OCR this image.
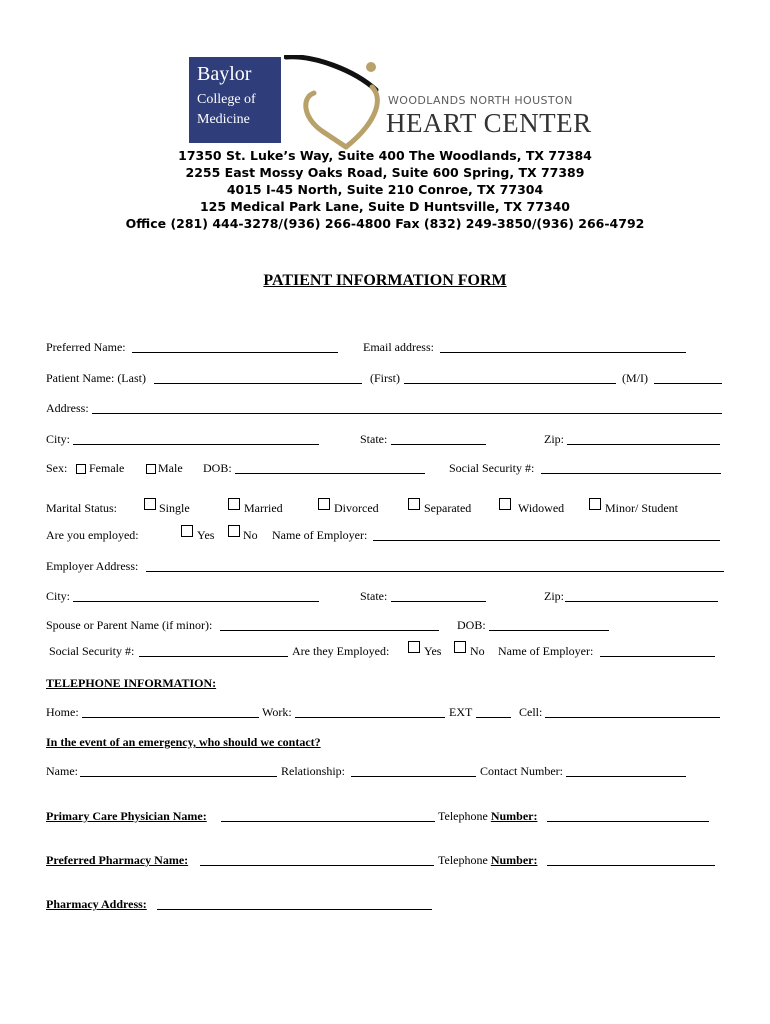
Baylor
College of
Medicine
WOODLANDS NORTH HOUSTON
HEART CENTER
17350 St. Luke’s Way, Suite 400 The Woodlands, TX 77384
2255 East Mossy Oaks Road, Suite 600 Spring, TX 77389
4015 I-45 North, Suite 210 Conroe, TX 77304
125 Medical Park Lane, Suite D Huntsville, TX 77340
Office (281) 444-3278/(936) 266-4800 Fax (832) 249-3850/(936) 266-4792
PATIENT INFORMATION FORM
Preferred Name:	Email address:
Patient Name: (Last)	(First)	(M/I)
Address:
City:	State:	Zip:
Sex: Female	Male DOB:	Social Security #:
Marital Status:	Single	Married	Divorced	Separated	Widowed	Minor/ Student
Are you employed:	Yes No Name of Employer:
Employer Address:
City:	State:	Zip:
Spouse or Parent Name (if minor):	DOB:
Social Security #:	Are they Employed:	Yes No Name of Employer:
TELEPHONE INFORMATION:
Home:	Work:	EXT	Cell:
In the event of an emergency, who should we contact?
Name:	Relationship:	Contact Number:
Primary Care Physician Name:	Telephone Number:
Preferred Pharmacy Name:	Telephone Number:
Pharmacy Address:
